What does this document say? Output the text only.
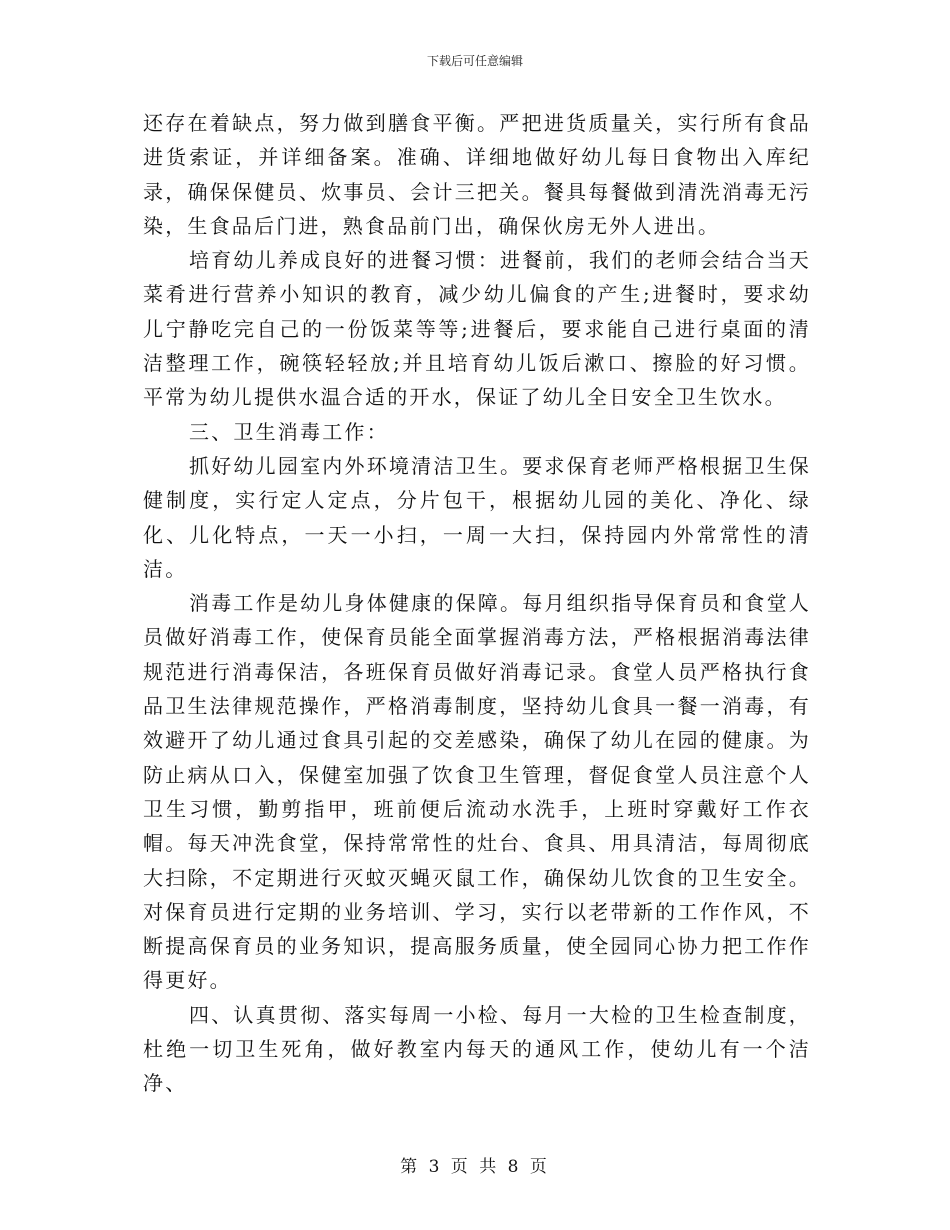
下载后可任意编辑

还存在着缺点，努力做到膳食平衡。严把进货质量关，实行所有食品进货索证，并详细备案。准确、详细地做好幼儿每日食物出入库纪录，确保保健员、炊事员、会计三把关。餐具每餐做到清洗消毒无污染，生食品后门进，熟食品前门出，确保伙房无外人进出。

培育幼儿养成良好的进餐习惯：进餐前，我们的老师会结合当天菜肴进行营养小知识的教育，减少幼儿偏食的产生;进餐时，要求幼儿宁静吃完自己的一份饭菜等等;进餐后，要求能自己进行桌面的清洁整理工作，碗筷轻轻放;并且培育幼儿饭后漱口、擦脸的好习惯。平常为幼儿提供水温合适的开水，保证了幼儿全日安全卫生饮水。

三、卫生消毒工作：

抓好幼儿园室内外环境清洁卫生。要求保育老师严格根据卫生保健制度，实行定人定点，分片包干，根据幼儿园的美化、净化、绿化、儿化特点，一天一小扫，一周一大扫，保持园内外常常性的清洁。

消毒工作是幼儿身体健康的保障。每月组织指导保育员和食堂人员做好消毒工作，使保育员能全面掌握消毒方法，严格根据消毒法律规范进行消毒保洁，各班保育员做好消毒记录。食堂人员严格执行食品卫生法律规范操作，严格消毒制度，坚持幼儿食具一餐一消毒，有效避开了幼儿通过食具引起的交差感染，确保了幼儿在园的健康。为防止病从口入，保健室加强了饮食卫生管理，督促食堂人员注意个人卫生习惯，勤剪指甲，班前便后流动水洗手，上班时穿戴好工作衣帽。每天冲洗食堂，保持常常性的灶台、食具、用具清洁，每周彻底大扫除，不定期进行灭蚊灭蝇灭鼠工作，确保幼儿饮食的卫生安全。对保育员进行定期的业务培训、学习，实行以老带新的工作作风，不断提高保育员的业务知识，提高服务质量，使全园同心协力把工作作得更好。

四、认真贯彻、落实每周一小检、每月一大检的卫生检查制度，杜绝一切卫生死角，做好教室内每天的通风工作，使幼儿有一个洁净、

第 3 页 共 8 页
